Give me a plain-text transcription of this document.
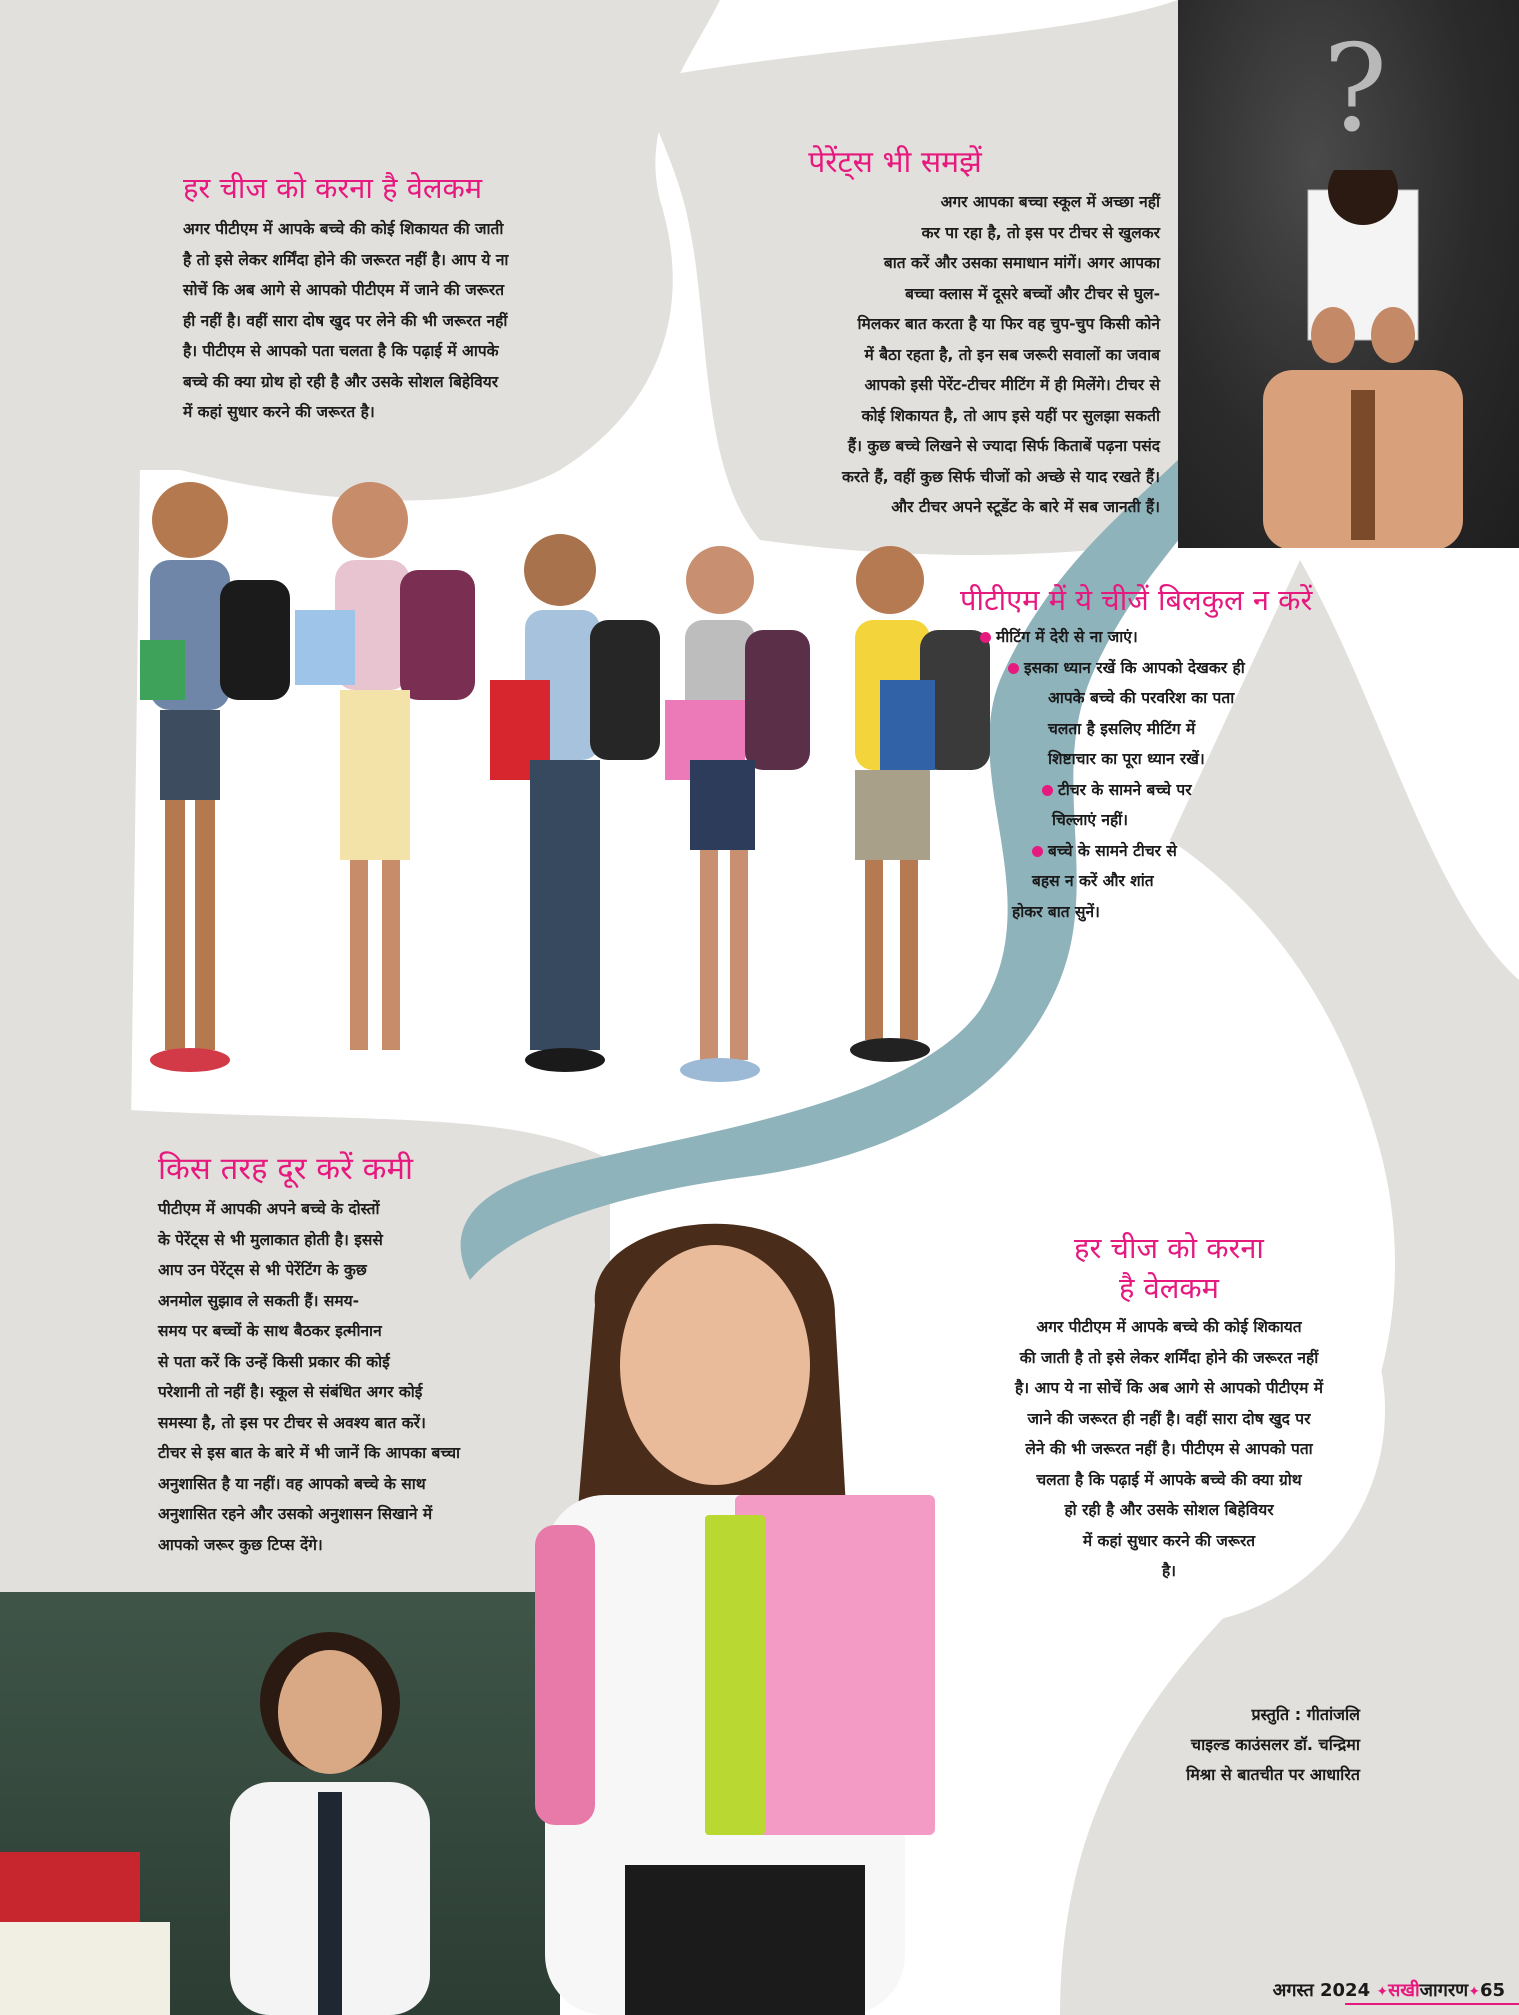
?
हर चीज को करना है वेलकम

अगर पीटीएम में आपके बच्चे की कोई शिकायत की जाती
है तो इसे लेकर शर्मिंदा होने की जरूरत नहीं है। आप ये ना
सोचें कि अब आगे से आपको पीटीएम में जाने की जरूरत
ही नहीं है। वहीं सारा दोष खुद पर लेने की भी जरूरत नहीं
है। पीटीएम से आपको पता चलता है कि पढ़ाई में आपके
बच्चे की क्या ग्रोथ हो रही है और उसके सोशल बिहेवियर
में कहां सुधार करने की जरूरत है।

पेरेंट्स भी समझें

अगर आपका बच्चा स्कूल में अच्छा नहीं
कर पा रहा है, तो इस पर टीचर से खुलकर
बात करें और उसका समाधान मांगें। अगर आपका
बच्चा क्लास में दूसरे बच्चों और टीचर से घुल-
मिलकर बात करता है या फिर वह चुप-चुप किसी कोने
में बैठा रहता है, तो इन सब जरूरी सवालों का जवाब
आपको इसी पेरेंट-टीचर मीटिंग में ही मिलेंगे। टीचर से
कोई शिकायत है, तो आप इसे यहीं पर सुलझा सकती
हैं। कुछ बच्चे लिखने से ज्यादा सिर्फ किताबें पढ़ना पसंद
करते हैं, वहीं कुछ सिर्फ चीजों को अच्छे से याद रखते हैं।
और टीचर अपने स्टूडेंट के बारे में सब जानती हैं।

पीटीएम में ये चीजें बिलकुल न करें
मीटिंग में देरी से ना जाएं।
इसका ध्यान रखें कि आपको देखकर ही
आपके बच्चे की परवरिश का पता
चलता है इसलिए मीटिंग में
शिष्टाचार का पूरा ध्यान रखें।
टीचर के सामने बच्चे पर
चिल्लाएं नहीं।
बच्चे के सामने टीचर से
बहस न करें और शांत
होकर बात सुनें।
किस तरह दूर करें कमी

पीटीएम में आपकी अपने बच्चे के दोस्तों
के पेरेंट्स से भी मुलाकात होती है। इससे
आप उन पेरेंट्स से भी पेरेंटिंग के कुछ
अनमोल सुझाव ले सकती हैं। समय-
समय पर बच्चों के साथ बैठकर इत्मीनान
से पता करें कि उन्हें किसी प्रकार की कोई
परेशानी तो नहीं है। स्कूल से संबंधित अगर कोई
समस्या है, तो इस पर टीचर से अवश्य बात करें।
टीचर से इस बात के बारे में भी जानें कि आपका बच्चा
अनुशासित है या नहीं। वह आपको बच्चे के साथ
अनुशासित रहने और उसको अनुशासन सिखाने में
आपको जरूर कुछ टिप्स देंगे।

हर चीज को करना
है वेलकम

अगर पीटीएम में आपके बच्चे की कोई शिकायत
की जाती है तो इसे लेकर शर्मिंदा होने की जरूरत नहीं
है। आप ये ना सोचें कि अब आगे से आपको पीटीएम में
जाने की जरूरत ही नहीं है। वहीं सारा दोष खुद पर
लेने की भी जरूरत नहीं है। पीटीएम से आपको पता
चलता है कि पढ़ाई में आपके बच्चे की क्या ग्रोथ
हो रही है और उसके सोशल बिहेवियर
में कहां सुधार करने की जरूरत
है।

प्रस्तुति : गीतांजलि

चाइल्ड काउंसलर डॉ. चन्द्रिमा

मिश्रा से बातचीत पर आधारित

अगस्त 2024 ✦सखीजागरण✦65
